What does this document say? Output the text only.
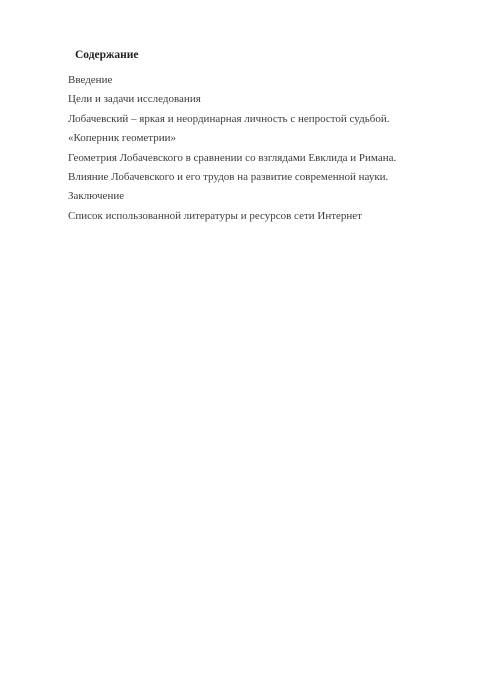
Содержание
Введение
Цели и задачи исследования
Лобачевский – яркая и неординарная личность с непростой судьбой.
«Коперник геометрии»
Геометрия Лобачевского в сравнении со взглядами Евклида и Римана.
Влияние Лобачевского и его трудов на развитие современной науки.
Заключение
Список использованной литературы и ресурсов сети Интернет
